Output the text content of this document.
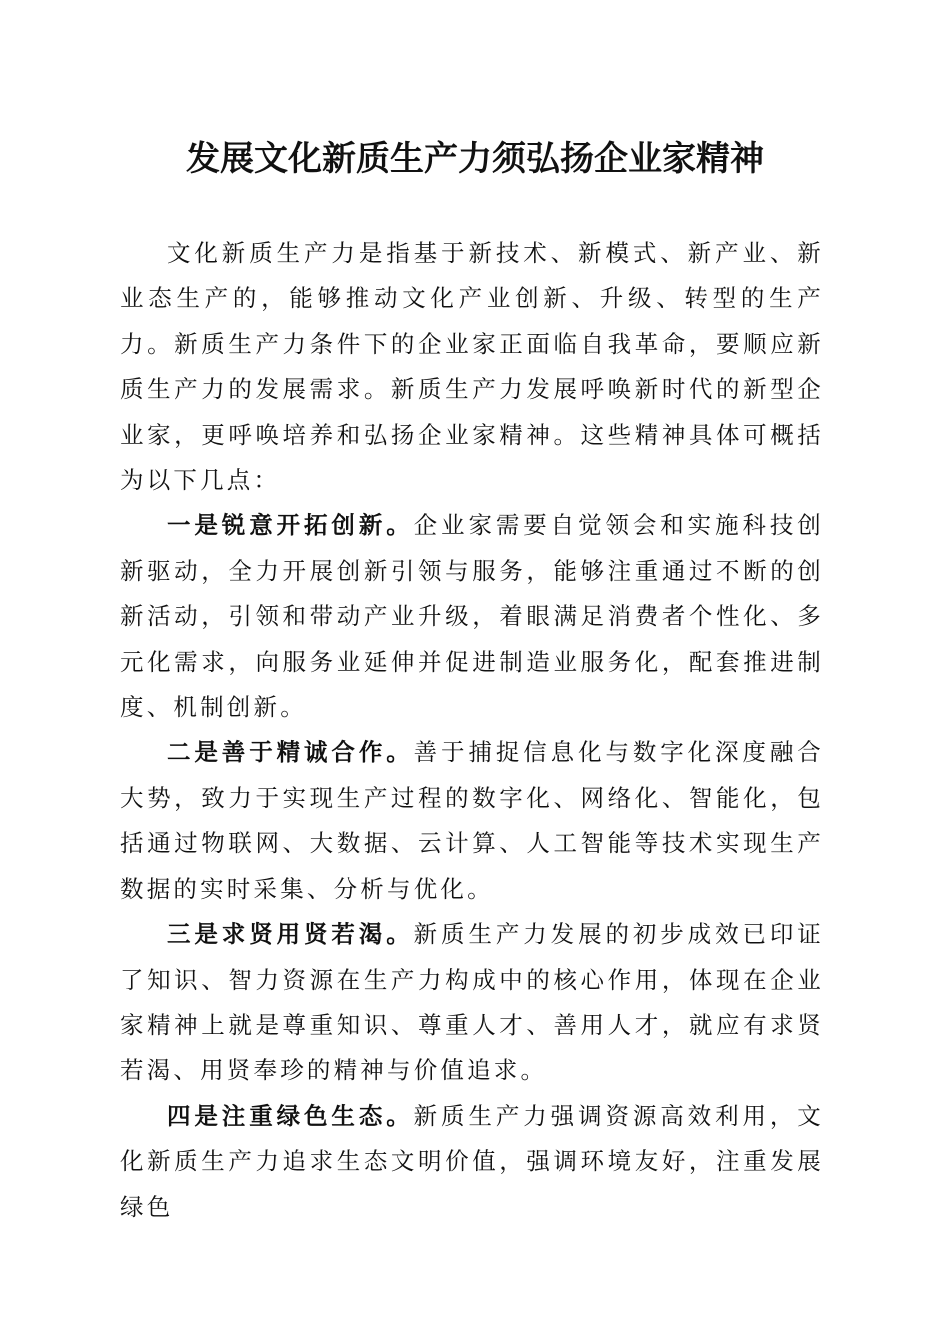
发展文化新质生产力须弘扬企业家精神

文化新质生产力是指基于新技术、新模式、新产业、新业态生产的，能够推动文化产业创新、升级、转型的生产力。新质生产力条件下的企业家正面临自我革命，要顺应新质生产力的发展需求。新质生产力发展呼唤新时代的新型企业家，更呼唤培养和弘扬企业家精神。这些精神具体可概括为以下几点：

一是锐意开拓创新。企业家需要自觉领会和实施科技创新驱动，全力开展创新引领与服务，能够注重通过不断的创新活动，引领和带动产业升级，着眼满足消费者个性化、多元化需求，向服务业延伸并促进制造业服务化，配套推进制度、机制创新。

二是善于精诚合作。善于捕捉信息化与数字化深度融合大势，致力于实现生产过程的数字化、网络化、智能化，包括通过物联网、大数据、云计算、人工智能等技术实现生产数据的实时采集、分析与优化。

三是求贤用贤若渴。新质生产力发展的初步成效已印证了知识、智力资源在生产力构成中的核心作用，体现在企业家精神上就是尊重知识、尊重人才、善用人才，就应有求贤若渴、用贤奉珍的精神与价值追求。

四是注重绿色生态。新质生产力强调资源高效利用，文化新质生产力追求生态文明价值，强调环境友好，注重发展绿色
